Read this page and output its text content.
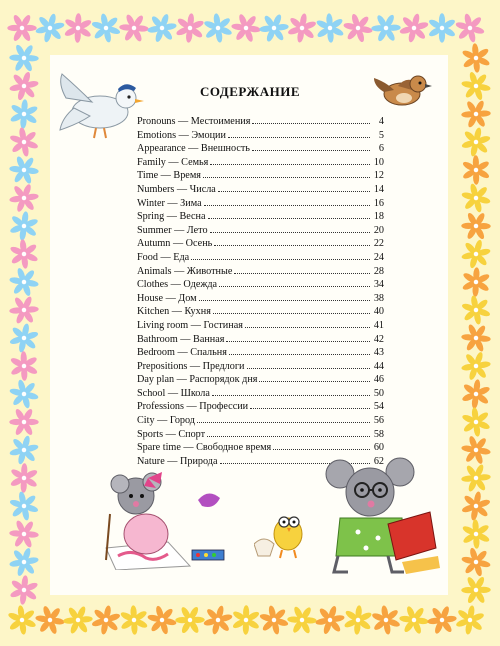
СОДЕРЖАНИЕ
Pronouns — Местоимения	4
Emotions — Эмоции	5
Appearance — Внешность	6
Family — Семья	10
Time — Время	12
Numbers — Числа	14
Winter — Зима	16
Spring — Весна	18
Summer — Лето	20
Autumn — Осень	22
Food — Еда	24
Animals — Животные	28
Clothes — Одежда	34
House — Дом	38
Kitchen — Кухня	40
Living room — Гостиная	41
Bathroom — Ванная	42
Bedroom — Спальня	43
Prepositions — Предлоги	44
Day plan — Распорядок дня	46
School — Школа	50
Professions — Профессии	54
City — Город	56
Sports — Спорт	58
Spare time — Свободное время	60
Nature — Природа	62
